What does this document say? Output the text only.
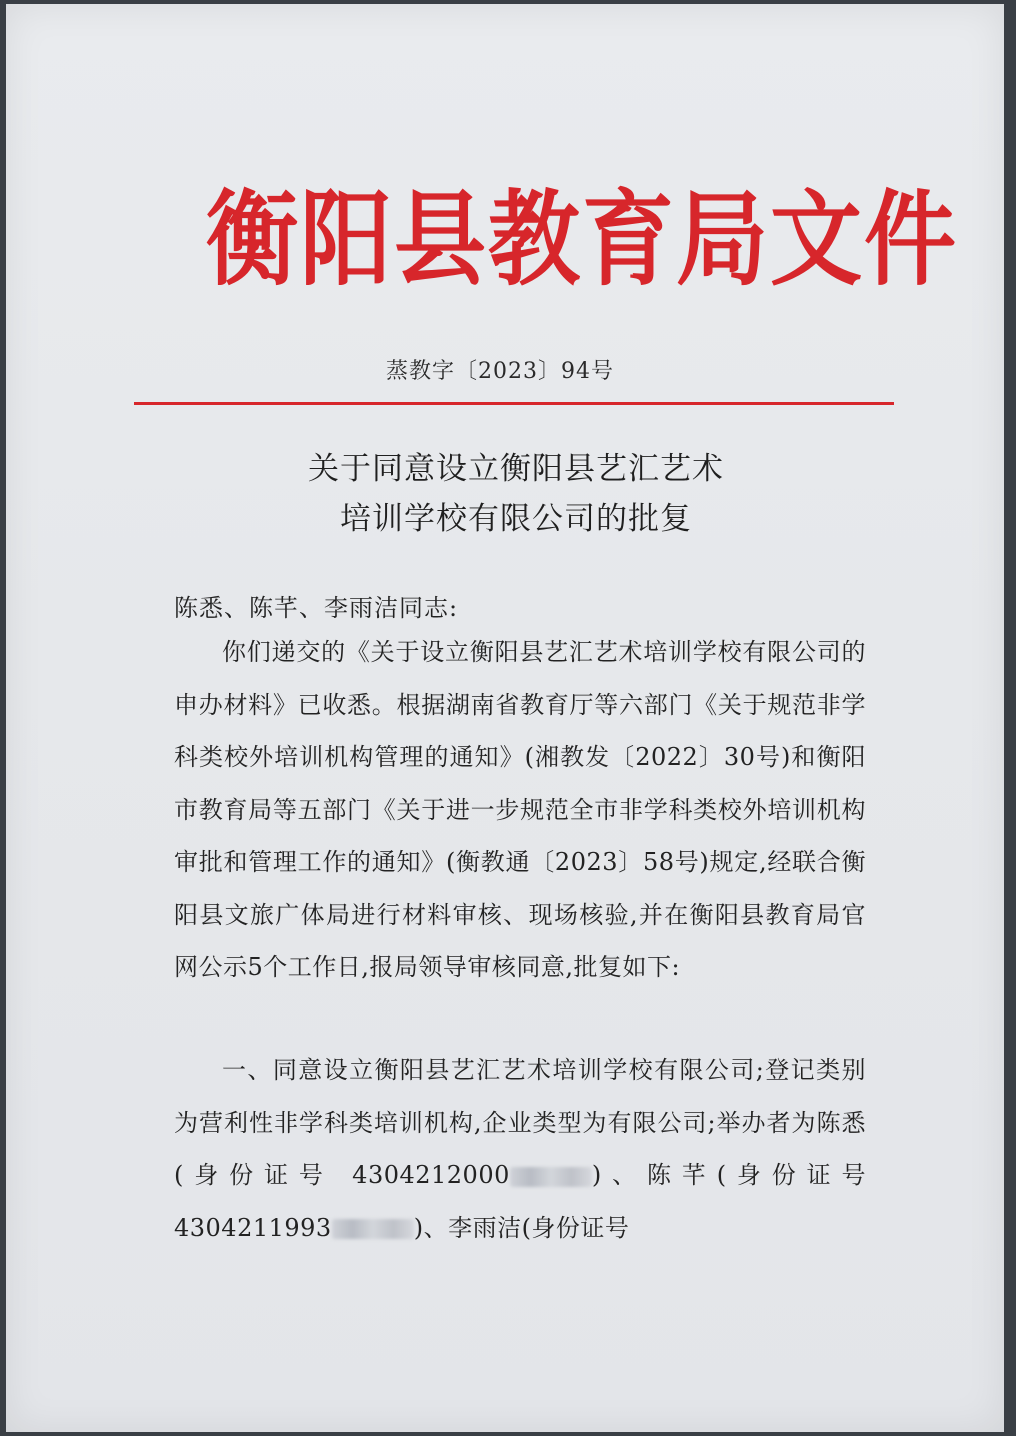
衡阳县教育局文件
蒸教字〔2023〕94号
关于同意设立衡阳县艺汇艺术
培训学校有限公司的批复
陈悉、陈芊、李雨洁同志:
你们递交的《关于设立衡阳县艺汇艺术培训学校有限公司的申办材料》已收悉。根据湖南省教育厅等六部门《关于规范非学科类校外培训机构管理的通知》(湘教发〔2022〕30号)和衡阳市教育局等五部门《关于进一步规范全市非学科类校外培训机构审批和管理工作的通知》(衡教通〔2023〕58号)规定,经联合衡阳县文旅广体局进行材料审核、现场核验,并在衡阳县教育局官网公示5个工作日,报局领导审核同意,批复如下:
一、同意设立衡阳县艺汇艺术培训学校有限公司;登记类别为营利性非学科类培训机构,企业类型为有限公司;举办者为陈悉(身份证号 4304212000	)、陈芊(身份证号 4304211993	)、李雨洁(身份证号
